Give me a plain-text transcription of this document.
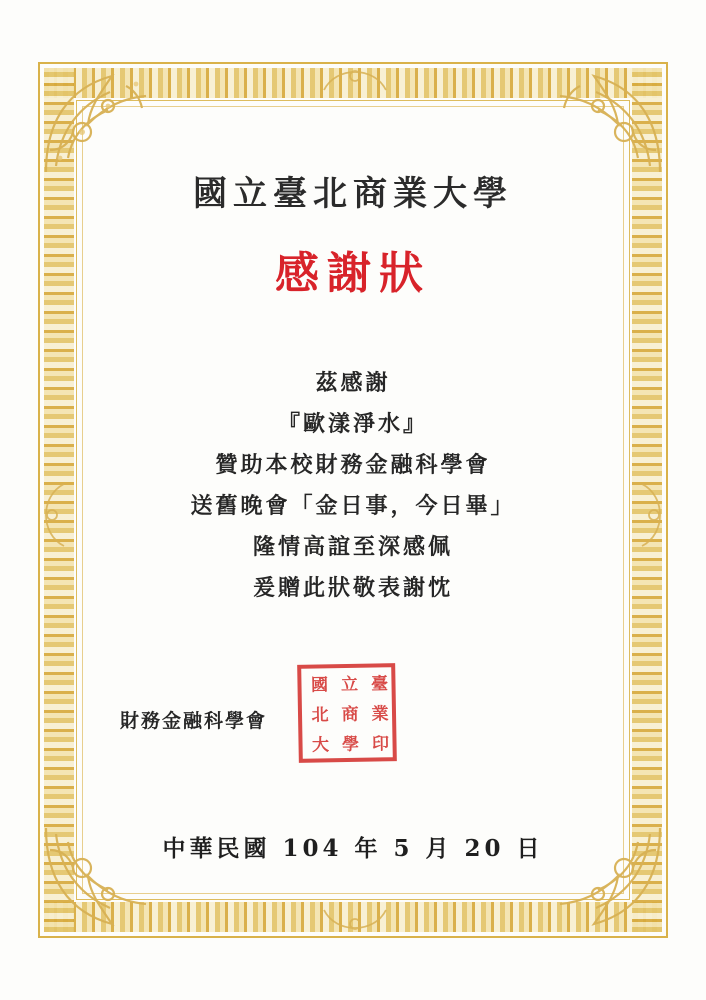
國立臺北商業大學
感謝狀
茲感謝
『歐漾淨水』
贊助本校財務金融科學會
送舊晚會「金日事，今日畢」
隆情高誼至深感佩
爰贈此狀敬表謝忱
財務金融科學會
國 立 臺
北 商 業
大 學 印
中華民國 104 年 5 月 20 日
